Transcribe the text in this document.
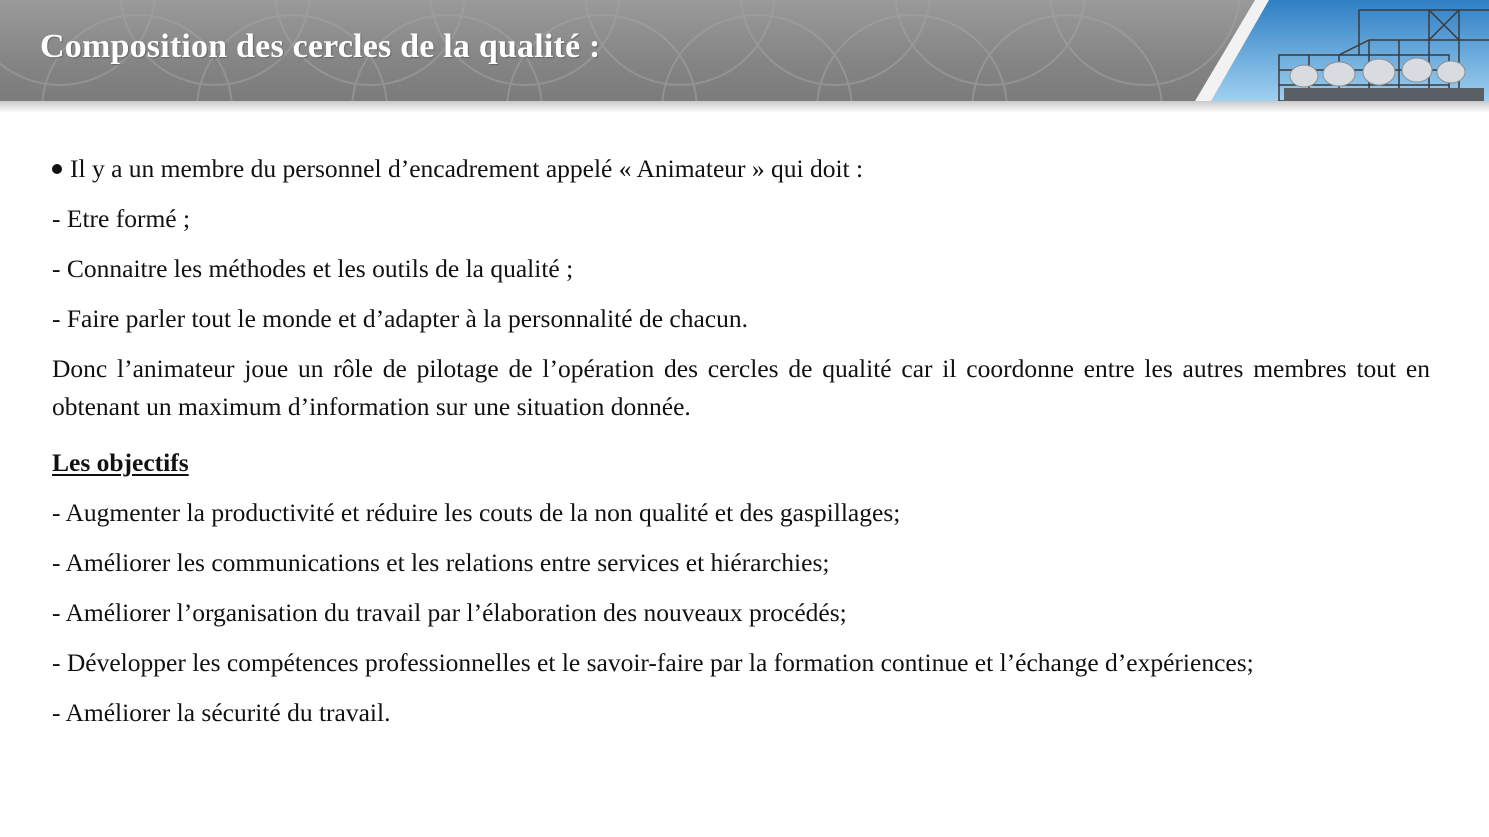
Composition des cercles de la qualité :

Il y a un membre du personnel d’encadrement appelé « Animateur » qui doit :

- Etre formé ;

- Connaitre les méthodes et les outils de la qualité ;

- Faire parler tout le monde et d’adapter à la personnalité de chacun.

Donc l’animateur joue un rôle de pilotage de l’opération des cercles de qualité car il coordonne entre les autres membres tout en obtenant un maximum d’information sur une situation donnée.

Les objectifs

- Augmenter la productivité et réduire les couts de la non qualité et des gaspillages;

- Améliorer les communications et les relations entre services et hiérarchies;

- Améliorer l’organisation du travail par l’élaboration des nouveaux procédés;

- Développer les compétences professionnelles et le savoir-faire par la formation continue et l’échange d’expériences;

- Améliorer la sécurité du travail.
